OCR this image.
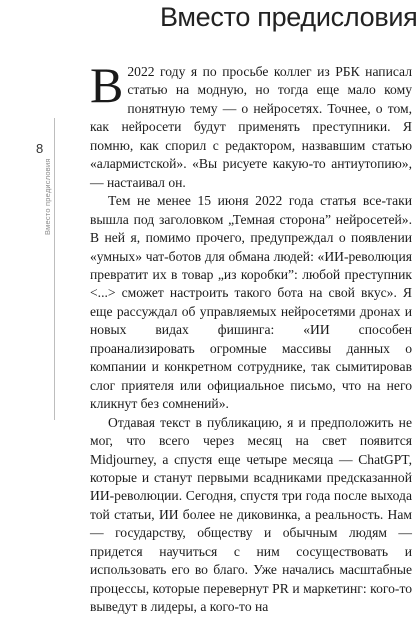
Вместо предисловия
8
Вместо предисловия

В 2022 году я по просьбе коллег из РБК написал статью на модную, но тогда еще мало кому понятную тему — о нейросетях. Точнее, о том, как нейросети будут применять преступники. Я помню, как спорил с редактором, назвавшим статью «алармистской». «Вы рисуете какую-то антиутопию», — настаивал он.

Тем не менее 15 июня 2022 года статья все-таки вышла под заголовком „Темная сторона” нейросетей». В ней я, помимо прочего, предупреждал о появлении «умных» чат-ботов для обмана людей: «ИИ-революция превратит их в товар „из коробки”: любой преступник <...> сможет настроить такого бота на свой вкус». Я еще рассуждал об управляемых нейросетями дронах и новых видах фишинга: «ИИ способен проанализировать огромные массивы данных о компании и конкретном сотруднике, так сымитировав слог приятеля или официальное письмо, что на него кликнут без сомнений».

Отдавая текст в публикацию, я и предположить не мог, что всего через месяц на свет появится Midjourney, а спустя еще четыре месяца — ChatGPT, которые и станут первыми всадниками предсказанной ИИ-революции. Сегодня, спустя три года после выхода той статьи, ИИ более не диковинка, а реальность. Нам — государству, обществу и обычным людям — придется научиться с ним сосуществовать и использовать его во благо. Уже начались масштабные процессы, которые перевернут PR и маркетинг: кого-то выведут в лидеры, а кого-то на
